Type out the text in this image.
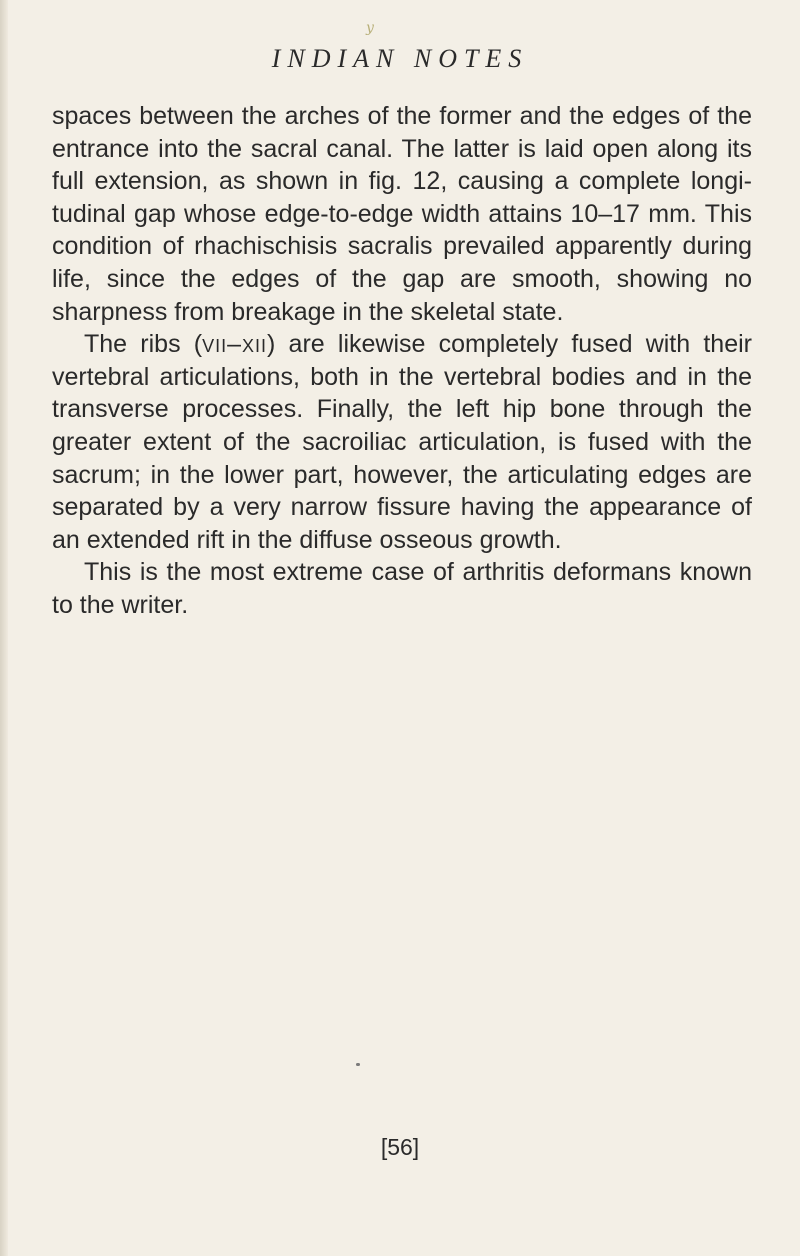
y
INDIAN NOTES

spaces between the arches of the former and the edges of the entrance into the sacral canal. The latter is laid open along its full extension, as shown in fig. 12, causing a complete longi- tudinal gap whose edge-to-edge width attains 10–17 mm. This condition of rhachischisis sacralis prevailed apparently during life, since the edges of the gap are smooth, showing no sharpness from breakage in the skeletal state.

The ribs (vii–xii) are likewise completely fused with their vertebral articulations, both in the vertebral bodies and in the transverse processes. Finally, the left hip bone through the greater extent of the sacroiliac articulation, is fused with the sacrum; in the lower part, however, the articulating edges are separated by a very narrow fissure having the appearance of an extended rift in the diffuse osseous growth.

This is the most extreme case of arthritis deformans known to the writer.

[56]
